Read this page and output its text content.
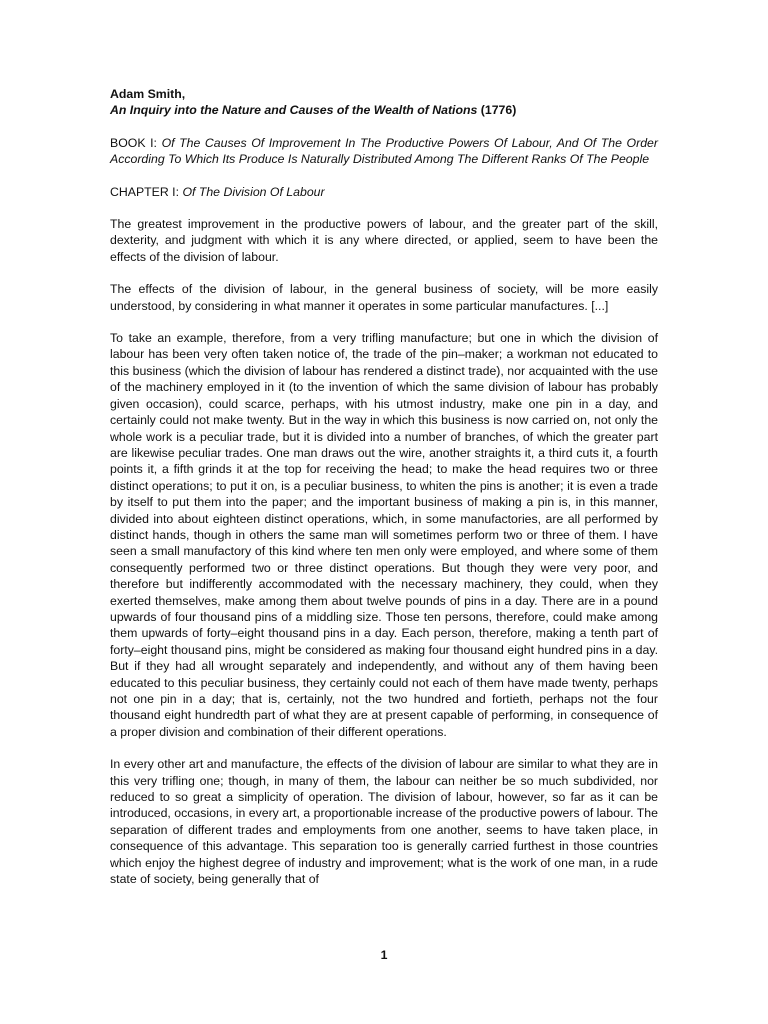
Adam Smith,

An Inquiry into the Nature and Causes of the Wealth of Nations (1776)

BOOK I: Of The Causes Of Improvement In The Productive Powers Of Labour, And Of The Order According To Which Its Produce Is Naturally Distributed Among The Different Ranks Of The People

CHAPTER I: Of The Division Of Labour

The greatest improvement in the productive powers of labour, and the greater part of the skill, dexterity, and judgment with which it is any where directed, or applied, seem to have been the effects of the division of labour.

The effects of the division of labour, in the general business of society, will be more easily understood, by considering in what manner it operates in some particular manufactures. [...]

To take an example, therefore, from a very trifling manufacture; but one in which the division of labour has been very often taken notice of, the trade of the pin–maker; a workman not educated to this business (which the division of labour has rendered a distinct trade), nor acquainted with the use of the machinery employed in it (to the invention of which the same division of labour has probably given occasion), could scarce, perhaps, with his utmost industry, make one pin in a day, and certainly could not make twenty. But in the way in which this business is now carried on, not only the whole work is a peculiar trade, but it is divided into a number of branches, of which the greater part are likewise peculiar trades. One man draws out the wire, another straights it, a third cuts it, a fourth points it, a fifth grinds it at the top for receiving the head; to make the head requires two or three distinct operations; to put it on, is a peculiar business, to whiten the pins is another; it is even a trade by itself to put them into the paper; and the important business of making a pin is, in this manner, divided into about eighteen distinct operations, which, in some manufactories, are all performed by distinct hands, though in others the same man will sometimes perform two or three of them. I have seen a small manufactory of this kind where ten men only were employed, and where some of them consequently performed two or three distinct operations. But though they were very poor, and therefore but indifferently accommodated with the necessary machinery, they could, when they exerted themselves, make among them about twelve pounds of pins in a day. There are in a pound upwards of four thousand pins of a middling size. Those ten persons, therefore, could make among them upwards of forty–eight thousand pins in a day. Each person, therefore, making a tenth part of forty–eight thousand pins, might be considered as making four thousand eight hundred pins in a day. But if they had all wrought separately and independently, and without any of them having been educated to this peculiar business, they certainly could not each of them have made twenty, perhaps not one pin in a day; that is, certainly, not the two hundred and fortieth, perhaps not the four thousand eight hundredth part of what they are at present capable of performing, in consequence of a proper division and combination of their different operations.

In every other art and manufacture, the effects of the division of labour are similar to what they are in this very trifling one; though, in many of them, the labour can neither be so much subdivided, nor reduced to so great a simplicity of operation. The division of labour, however, so far as it can be introduced, occasions, in every art, a proportionable increase of the productive powers of labour. The separation of different trades and employments from one another, seems to have taken place, in consequence of this advantage. This separation too is generally carried furthest in those countries which enjoy the highest degree of industry and improvement; what is the work of one man, in a rude state of society, being generally that of

1
